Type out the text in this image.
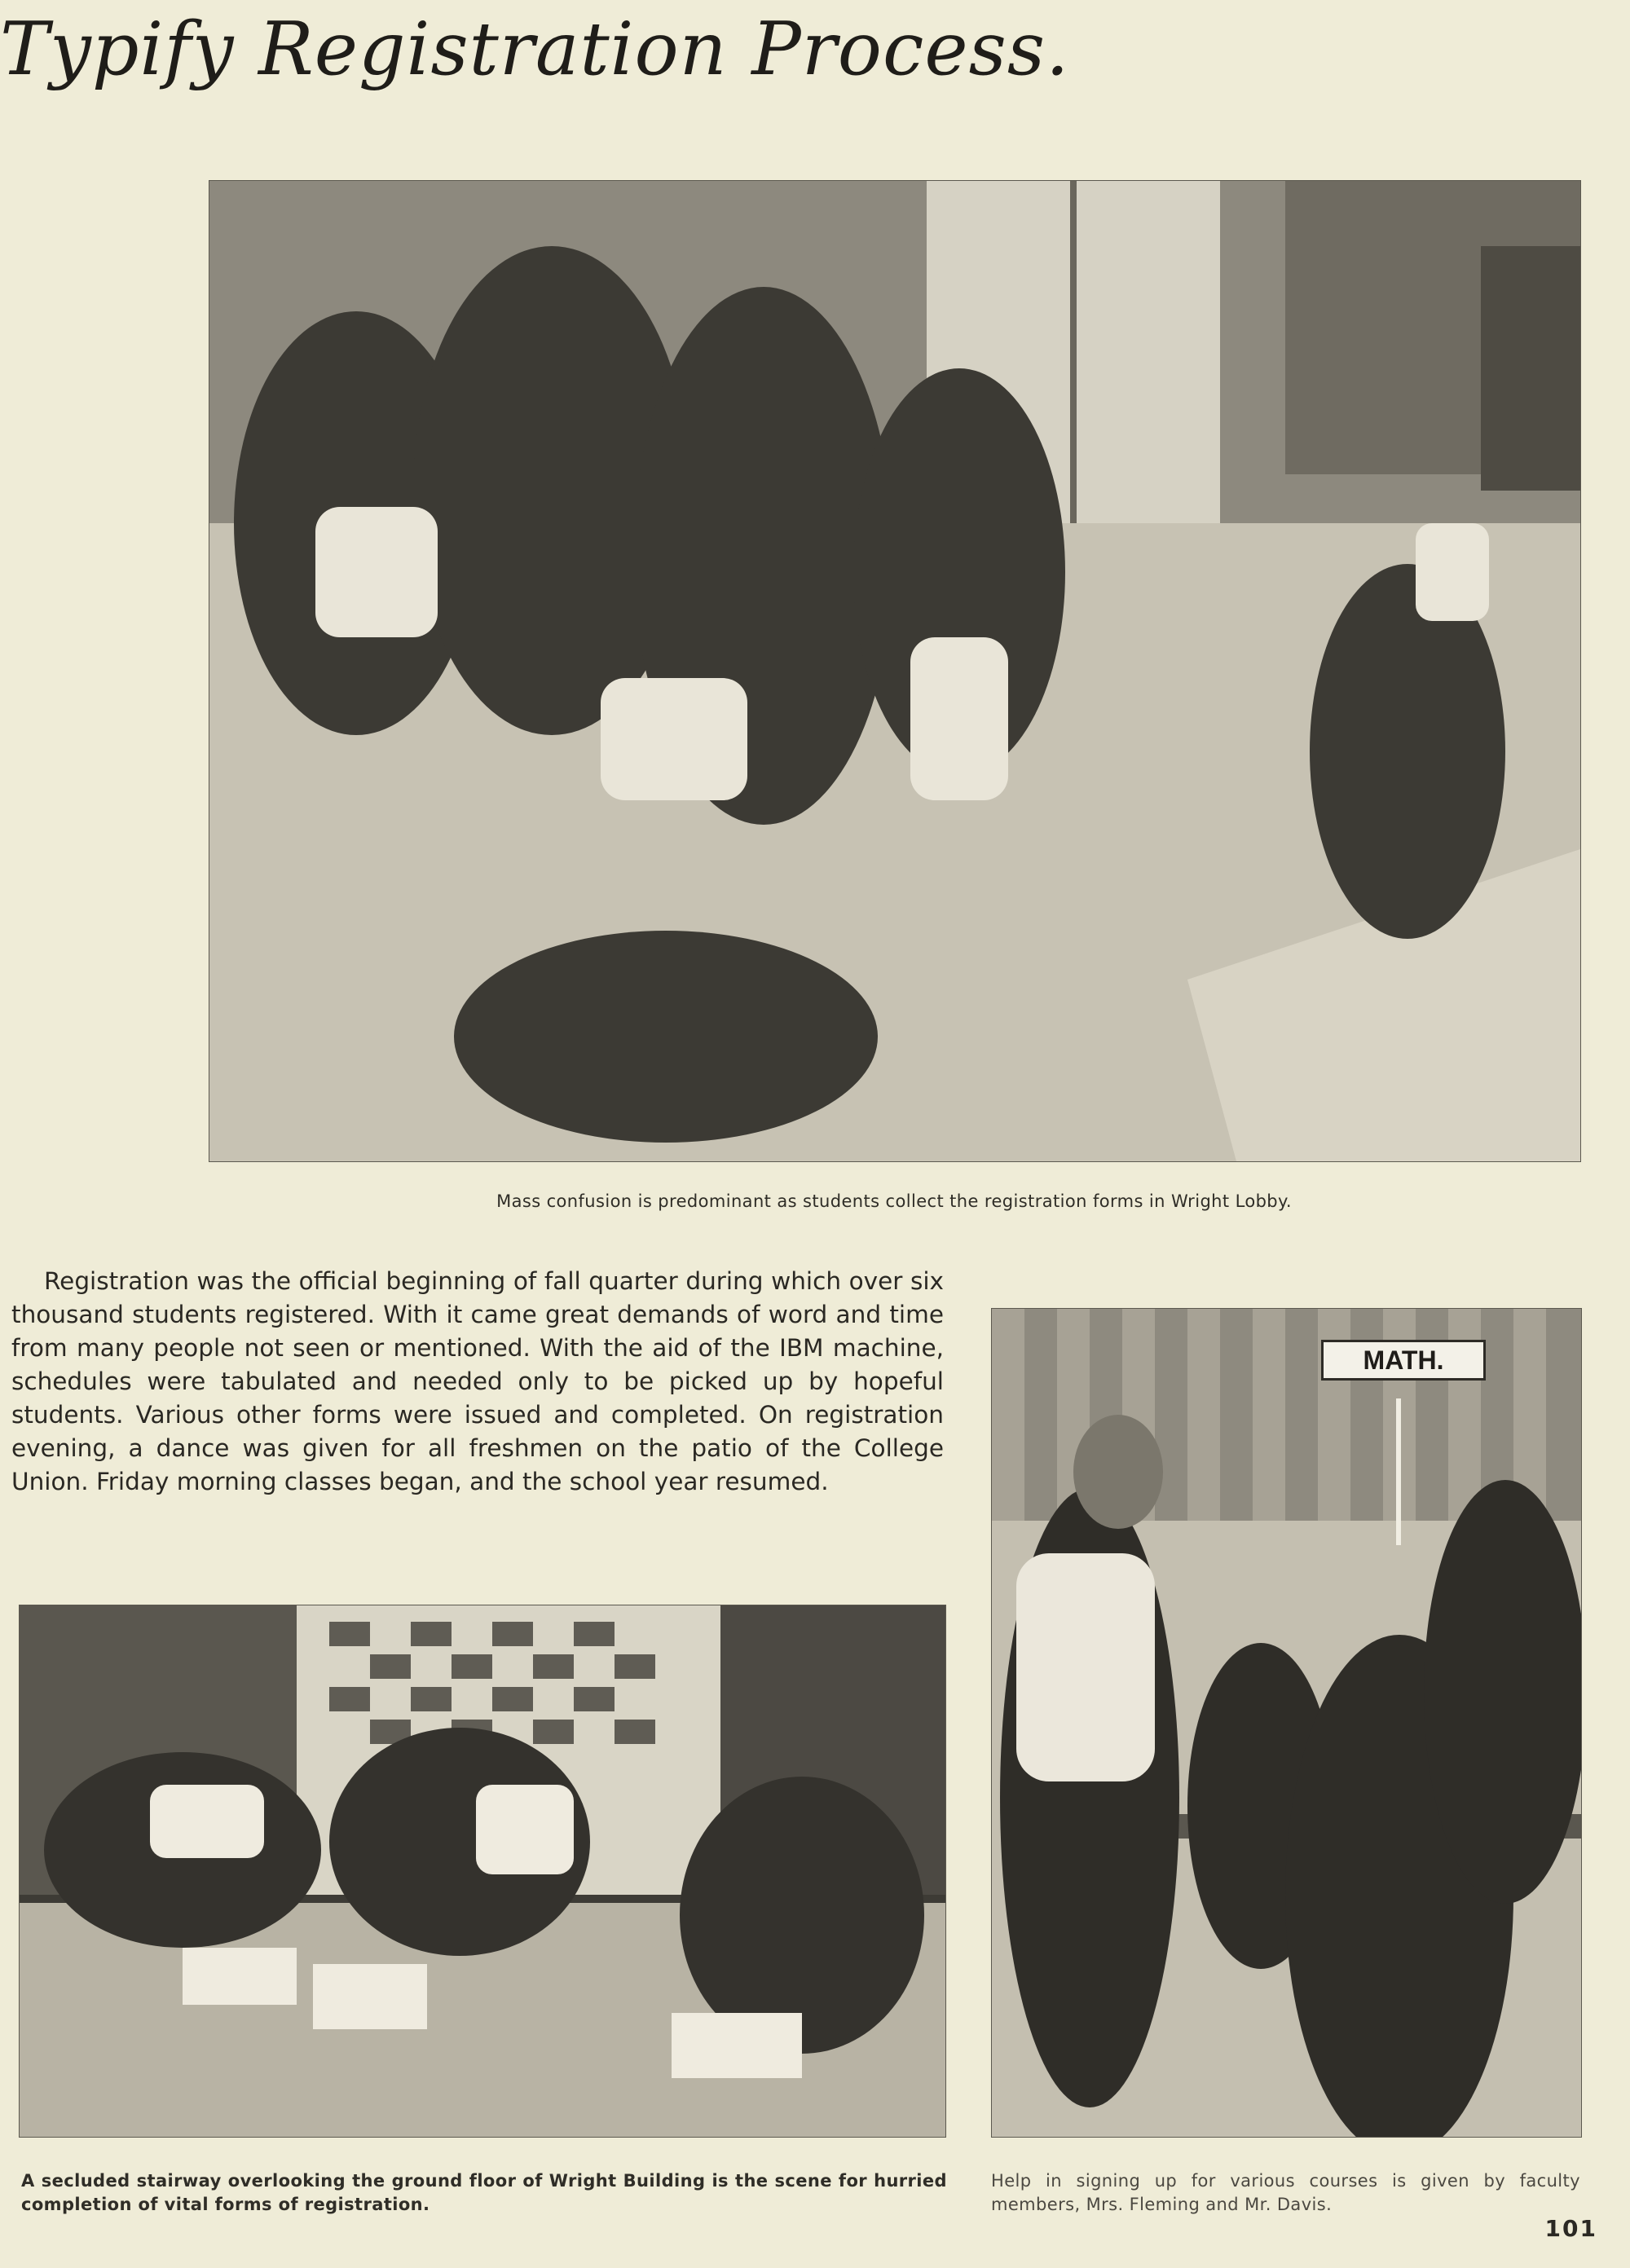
Typify Registration Process.
Mass confusion is predominant as students collect the registration forms in Wright Lobby.

Registration was the official beginning of fall quarter during which over six thousand students registered. With it came great demands of word and time from many people not seen or mentioned. With the aid of the IBM machine, schedules were tabulated and needed only to be picked up by hopeful students. Various other forms were issued and completed. On registration evening, a dance was given for all freshmen on the patio of the College Union. Friday morning classes began, and the school year resumed.

A secluded stairway overlooking the ground floor of Wright Building is the scene for hurried completion of vital forms of registration.
MATH.
Help in signing up for various courses is given by faculty members, Mrs. Fleming and Mr. Davis.
101
